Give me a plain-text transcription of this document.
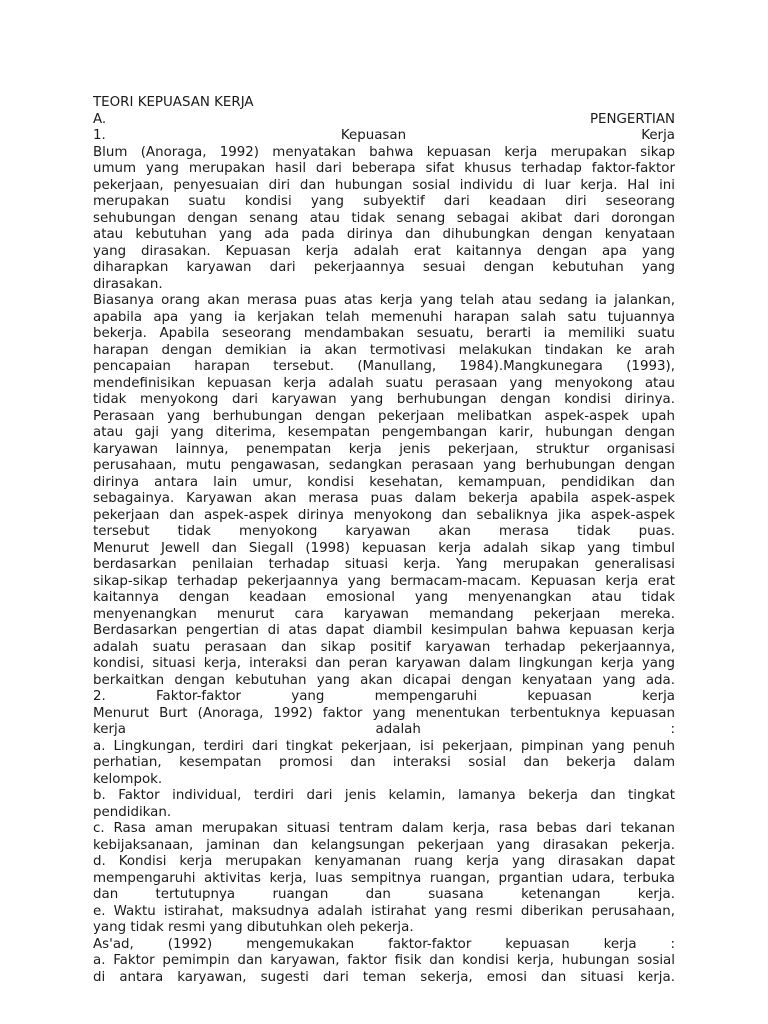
TEORI KEPUASAN KERJA

A. PENGERTIAN

1. Kepuasan Kerja

Blum (Anoraga, 1992) menyatakan bahwa kepuasan kerja merupakan sikap

umum yang merupakan hasil dari beberapa sifat khusus terhadap faktor-faktor

pekerjaan, penyesuaian diri dan hubungan sosial individu di luar kerja. Hal ini

merupakan suatu kondisi yang subyektif dari keadaan diri seseorang

sehubungan dengan senang atau tidak senang sebagai akibat dari dorongan

atau kebutuhan yang ada pada dirinya dan dihubungkan dengan kenyataan

yang dirasakan. Kepuasan kerja adalah erat kaitannya dengan apa yang

diharapkan karyawan dari pekerjaannya sesuai dengan kebutuhan yang

dirasakan.

Biasanya orang akan merasa puas atas kerja yang telah atau sedang ia jalankan,

apabila apa yang ia kerjakan telah memenuhi harapan salah satu tujuannya

bekerja. Apabila seseorang mendambakan sesuatu, berarti ia memiliki suatu

harapan dengan demikian ia akan termotivasi melakukan tindakan ke arah

pencapaian harapan tersebut. (Manullang, 1984).Mangkunegara (1993),

mendefinisikan kepuasan kerja adalah suatu perasaan yang menyokong atau

tidak menyokong dari karyawan yang berhubungan dengan kondisi dirinya.

Perasaan yang berhubungan dengan pekerjaan melibatkan aspek-aspek upah

atau gaji yang diterima, kesempatan pengembangan karir, hubungan dengan

karyawan lainnya, penempatan kerja jenis pekerjaan, struktur organisasi

perusahaan, mutu pengawasan, sedangkan perasaan yang berhubungan dengan

dirinya antara lain umur, kondisi kesehatan, kemampuan, pendidikan dan

sebagainya. Karyawan akan merasa puas dalam bekerja apabila aspek-aspek

pekerjaan dan aspek-aspek dirinya menyokong dan sebaliknya jika aspek-aspek

tersebut tidak menyokong karyawan akan merasa tidak puas.

Menurut Jewell dan Siegall (1998) kepuasan kerja adalah sikap yang timbul

berdasarkan penilaian terhadap situasi kerja. Yang merupakan generalisasi

sikap-sikap terhadap pekerjaannya yang bermacam-macam. Kepuasan kerja erat

kaitannya dengan keadaan emosional yang menyenangkan atau tidak

menyenangkan menurut cara karyawan memandang pekerjaan mereka.

Berdasarkan pengertian di atas dapat diambil kesimpulan bahwa kepuasan kerja

adalah suatu perasaan dan sikap positif karyawan terhadap pekerjaannya,

kondisi, situasi kerja, interaksi dan peran karyawan dalam lingkungan kerja yang

berkaitkan dengan kebutuhan yang akan dicapai dengan kenyataan yang ada.

2. Faktor-faktor yang mempengaruhi kepuasan kerja

Menurut Burt (Anoraga, 1992) faktor yang menentukan terbentuknya kepuasan

kerja adalah :

a. Lingkungan, terdiri dari tingkat pekerjaan, isi pekerjaan, pimpinan yang penuh

perhatian, kesempatan promosi dan interaksi sosial dan bekerja dalam

kelompok.

b. Faktor individual, terdiri dari jenis kelamin, lamanya bekerja dan tingkat

pendidikan.

c. Rasa aman merupakan situasi tentram dalam kerja, rasa bebas dari tekanan

kebijaksanaan, jaminan dan kelangsungan pekerjaan yang dirasakan pekerja.

d. Kondisi kerja merupakan kenyamanan ruang kerja yang dirasakan dapat

mempengaruhi aktivitas kerja, luas sempitnya ruangan, prgantian udara, terbuka

dan tertutupnya ruangan dan suasana ketenangan kerja.

e. Waktu istirahat, maksudnya adalah istirahat yang resmi diberikan perusahaan,

yang tidak resmi yang dibutuhkan oleh pekerja.

As'ad, (1992) mengemukakan faktor-faktor kepuasan kerja :

a. Faktor pemimpin dan karyawan, faktor fisik dan kondisi kerja, hubungan sosial

di antara karyawan, sugesti dari teman sekerja, emosi dan situasi kerja.
